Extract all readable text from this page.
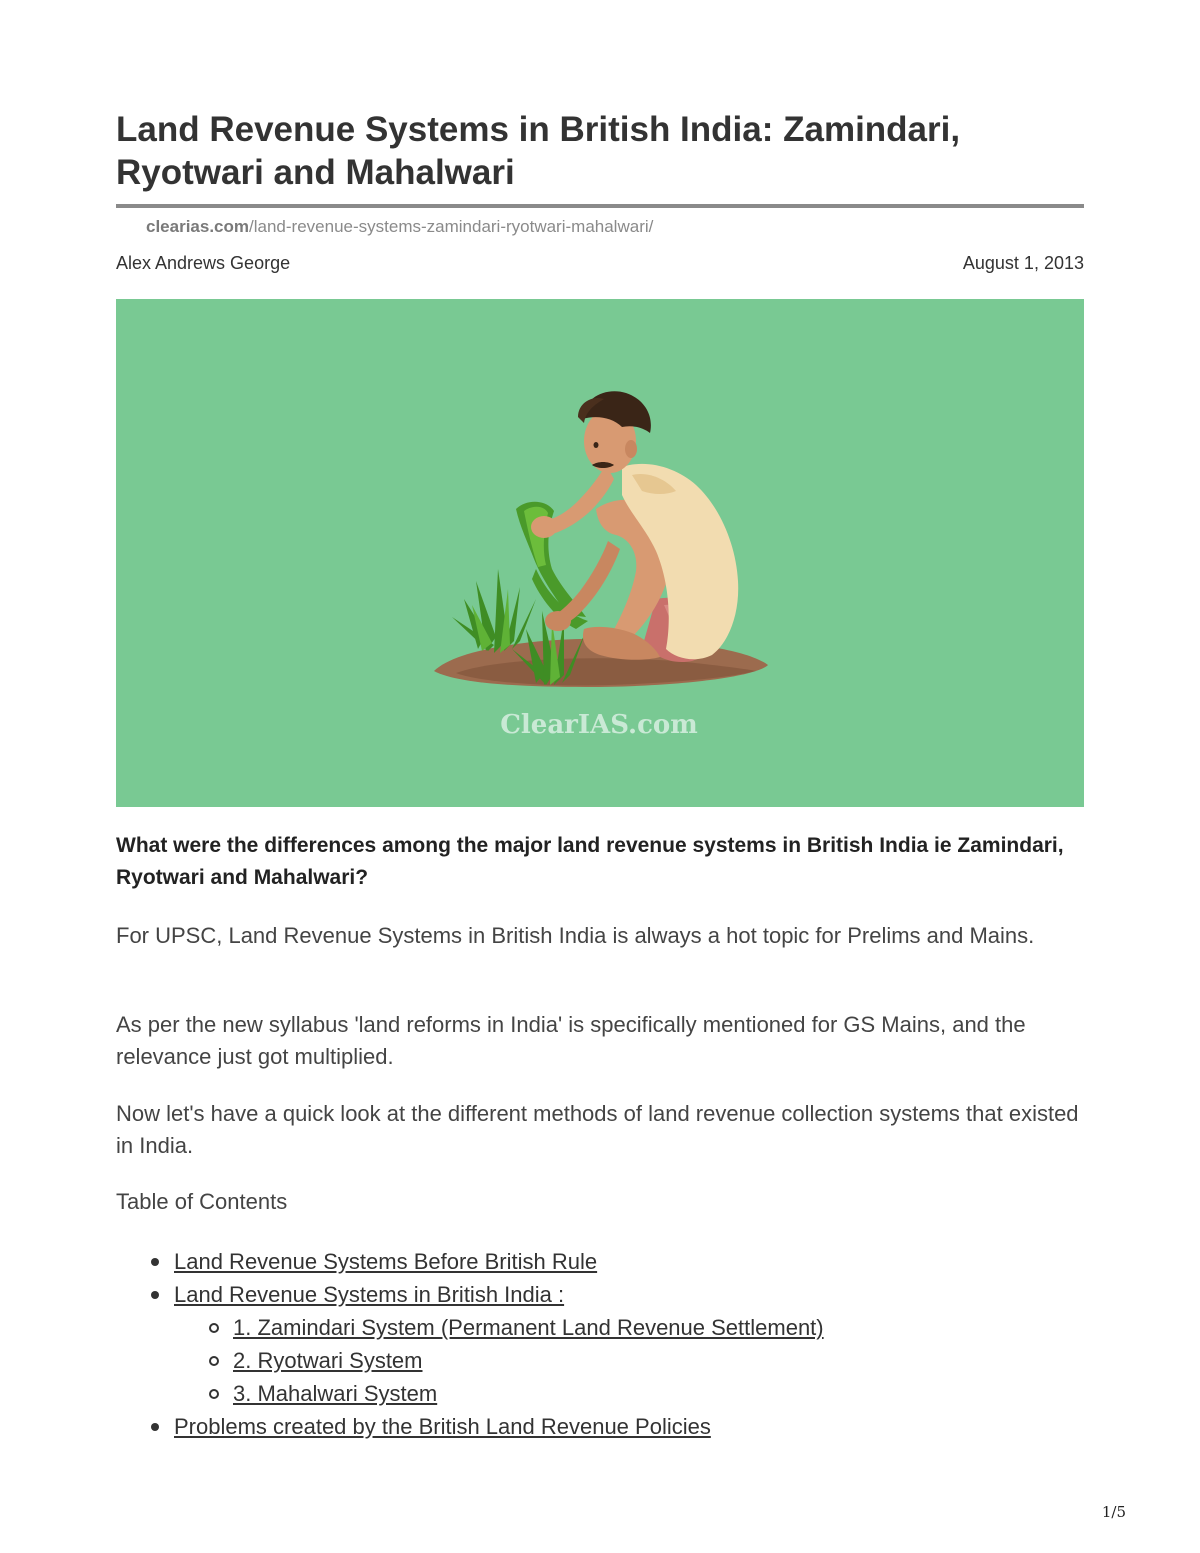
Land Revenue Systems in British India: Zamindari, Ryotwari and Mahalwari
clearias.com/land-revenue-systems-zamindari-ryotwari-mahalwari/
Alex Andrews George	August 1, 2013
ClearIAS.com

What were the differences among the major land revenue systems in British India ie Zamindari, Ryotwari and Mahalwari?

For UPSC, Land Revenue Systems in British India is always a hot topic for Prelims and Mains.

As per the new syllabus 'land reforms in India' is specifically mentioned for GS Mains, and the relevance just got multiplied.

Now let's have a quick look at the different methods of land revenue collection systems that existed in India.

Table of Contents
Land Revenue Systems Before British Rule
Land Revenue Systems in British India :
1. Zamindari System (Permanent Land Revenue Settlement)
2. Ryotwari System
3. Mahalwari System
Problems created by the British Land Revenue Policies
1/5
